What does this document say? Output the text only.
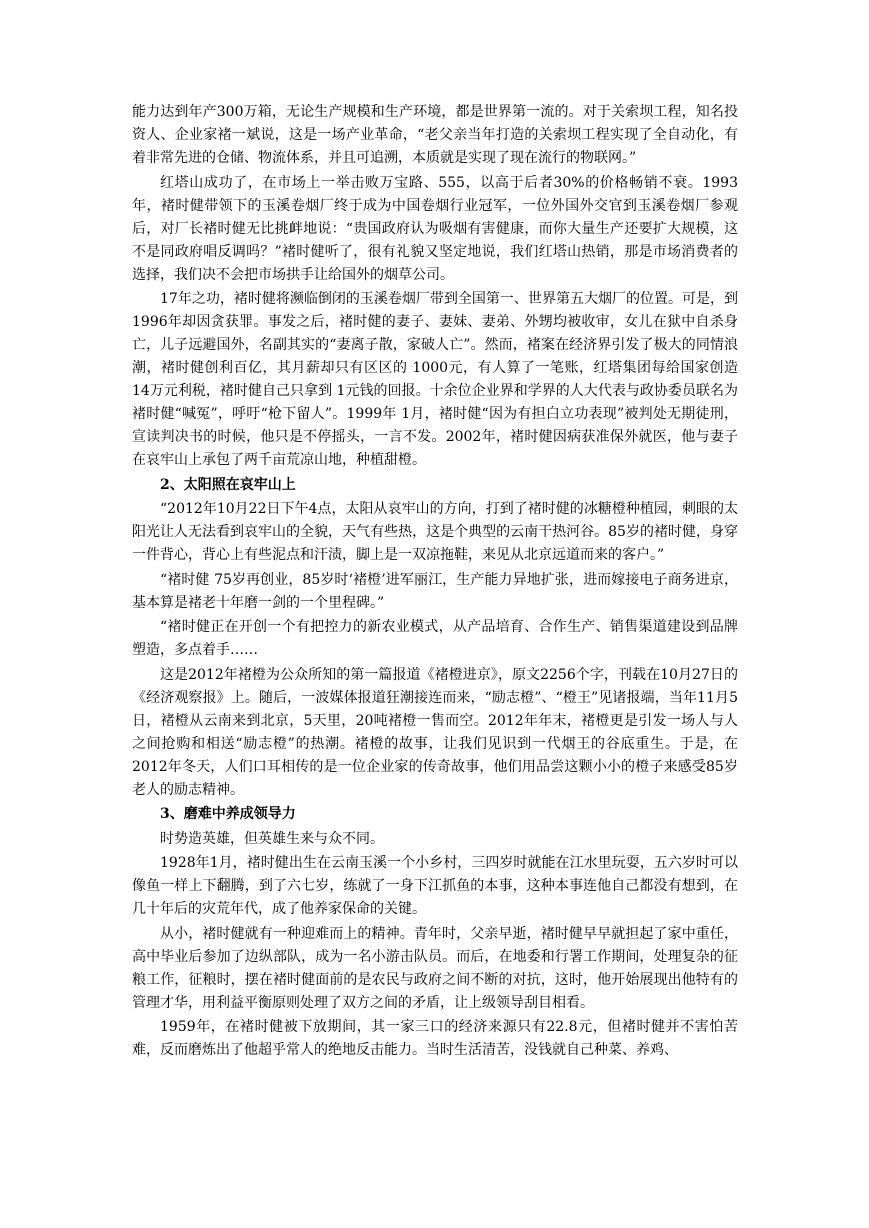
能力达到年产300万箱，无论生产规模和生产环境，都是世界第一流的。对于关索坝工程，知名投资人、企业家褚一斌说，这是一场产业革命，“老父亲当年打造的关索坝工程实现了全自动化，有着非常先进的仓储、物流体系，并且可追溯，本质就是实现了现在流行的物联网。”

红塔山成功了，在市场上一举击败万宝路、555，以高于后者30%的价格畅销不衰。1993年，褚时健带领下的玉溪卷烟厂终于成为中国卷烟行业冠军，一位外国外交官到玉溪卷烟厂参观后，对厂长褚时健无比挑衅地说：“贵国政府认为吸烟有害健康，而你大量生产还要扩大规模，这不是同政府唱反调吗？”褚时健听了，很有礼貌又坚定地说，我们红塔山热销，那是市场消费者的选择，我们决不会把市场拱手让给国外的烟草公司。

17年之功，褚时健将濒临倒闭的玉溪卷烟厂带到全国第一、世界第五大烟厂的位置。可是，到1996年却因贪获罪。事发之后，褚时健的妻子、妻妹、妻弟、外甥均被收审，女儿在狱中自杀身亡，儿子远避国外，名副其实的“妻离子散，家破人亡”。然而，褚案在经济界引发了极大的同情浪潮，褚时健创利百亿，其月薪却只有区区的 1000元，有人算了一笔账，红塔集团每给国家创造 14万元利税，褚时健自己只拿到 1元钱的回报。十余位企业界和学界的人大代表与政协委员联名为褚时健“喊冤”，呼吁“枪下留人”。1999年 1月，褚时健“因为有担白立功表现”被判处无期徒刑，宣读判决书的时候，他只是不停摇头，一言不发。2002年，褚时健因病获准保外就医，他与妻子在哀牢山上承包了两千亩荒凉山地，种植甜橙。

2、太阳照在哀牢山上

“2012年10月22日下午4点，太阳从哀牢山的方向，打到了褚时健的冰糖橙种植园，刺眼的太阳光让人无法看到哀牢山的全貌，天气有些热，这是个典型的云南干热河谷。85岁的褚时健，身穿一件背心，背心上有些泥点和汗渍，脚上是一双凉拖鞋，来见从北京远道而来的客户。”

“褚时健 75岁再创业，85岁时‘褚橙’进军丽江，生产能力异地扩张，进而嫁接电子商务进京，基本算是褚老十年磨一剑的一个里程碑。”

“褚时健正在开创一个有把控力的新农业模式，从产品培育、合作生产、销售渠道建设到品牌塑造，多点着手……

这是2012年褚橙为公众所知的第一篇报道《褚橙进京》，原文2256个字，刊载在10月27日的《经济观察报》上。随后，一波媒体报道狂潮接连而来，“励志橙”、“橙王”见诸报端，当年11月5日，褚橙从云南来到北京，5天里，20吨褚橙一售而空。2012年年末，褚橙更是引发一场人与人之间抢购和相送“励志橙”的热潮。褚橙的故事，让我们见识到一代烟王的谷底重生。于是，在2012年冬天，人们口耳相传的是一位企业家的传奇故事，他们用品尝这颗小小的橙子来感受85岁老人的励志精神。

3、磨难中养成领导力

时势造英雄，但英雄生来与众不同。

1928年1月，褚时健出生在云南玉溪一个小乡村，三四岁时就能在江水里玩耍，五六岁时可以像鱼一样上下翻腾，到了六七岁，练就了一身下江抓鱼的本事，这种本事连他自己都没有想到，在几十年后的灾荒年代，成了他养家保命的关键。

从小，褚时健就有一种迎难而上的精神。青年时，父亲早逝，褚时健早早就担起了家中重任，高中毕业后参加了边纵部队，成为一名小游击队员。而后，在地委和行署工作期间，处理复杂的征粮工作，征粮时，摆在褚时健面前的是农民与政府之间不断的对抗，这时，他开始展现出他特有的管理才华，用利益平衡原则处理了双方之间的矛盾，让上级领导刮目相看。

1959年，在褚时健被下放期间，其一家三口的经济来源只有22.8元，但褚时健并不害怕苦难，反而磨炼出了他超乎常人的绝地反击能力。当时生活清苦，没钱就自己种菜、养鸡、
